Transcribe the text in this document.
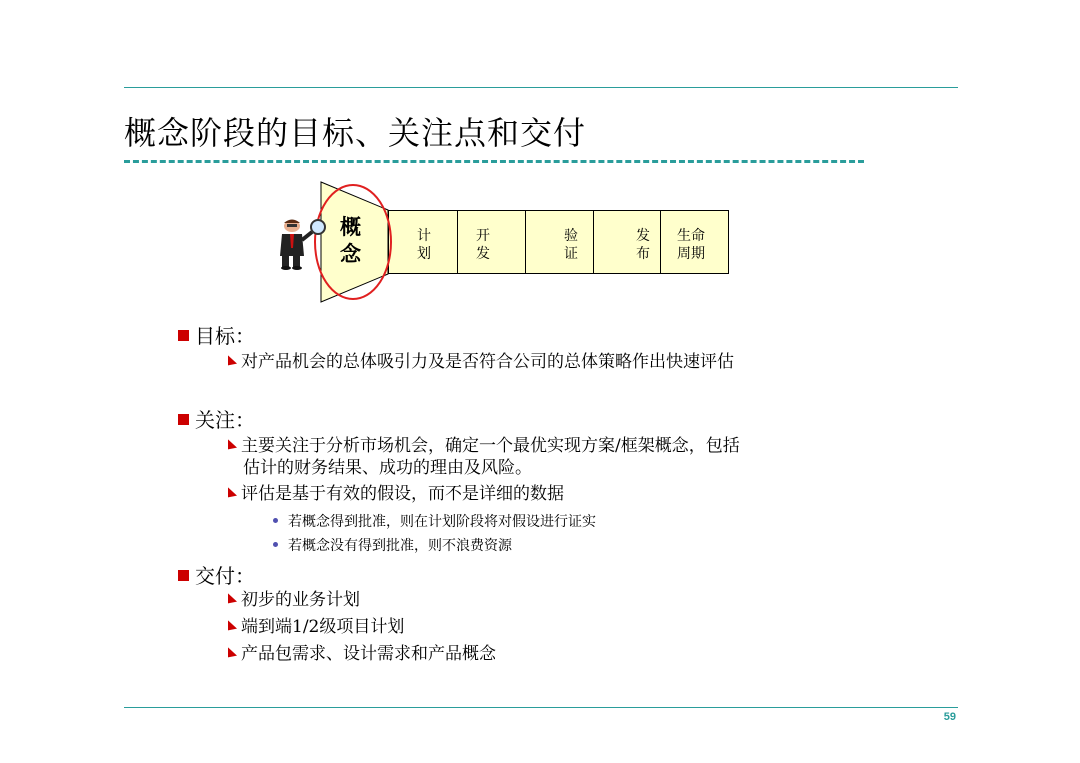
概念阶段的目标、关注点和交付
计
划
开
发
验
证
发
布
生命
周期
概
念
目标：
对产品机会的总体吸引力及是否符合公司的总体策略作出快速评估
关注：
主要关注于分析市场机会，确定一个最优实现方案/框架概念，包括
估计的财务结果、成功的理由及风险。
评估是基于有效的假设，而不是详细的数据
若概念得到批准，则在计划阶段将对假设进行证实
若概念没有得到批准，则不浪费资源
交付：
初步的业务计划
端到端1/2级项目计划
产品包需求、设计需求和产品概念
59
